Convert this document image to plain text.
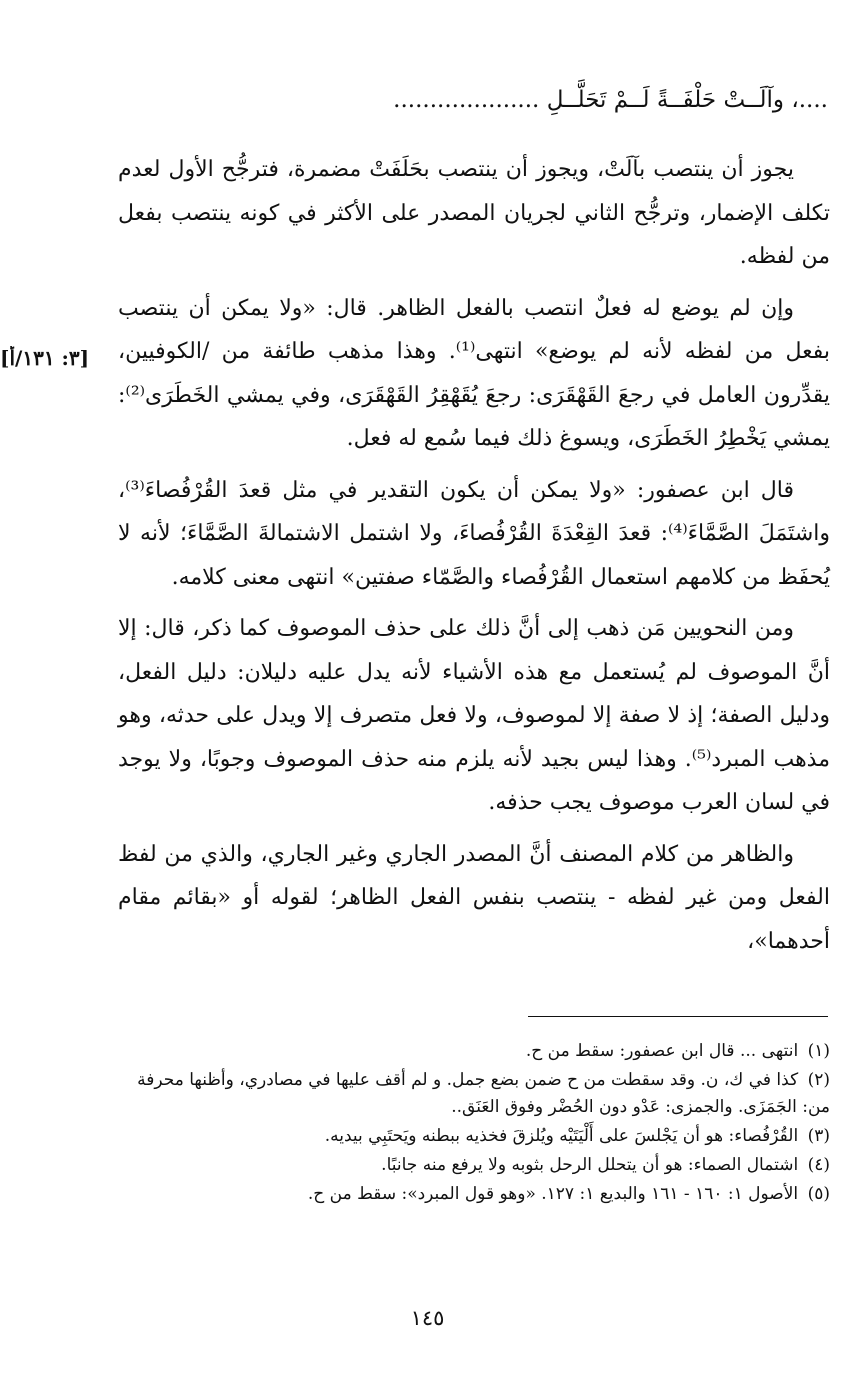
....، وآلَــتْ حَلْفَــةً لَــمْ تَحَلَّــلِ ....................
[٣: ١٣١/أ]

يجوز أن ينتصب بآلَتْ، ويجوز أن ينتصب بحَلَفَتْ مضمرة، فترجُّح الأول لعدم تكلف الإضمار، وترجُّح الثاني لجريان المصدر على الأكثر في كونه ينتصب بفعل من لفظه.

وإن لم يوضع له فعلٌ انتصب بالفعل الظاهر. قال: «ولا يمكن أن ينتصب بفعل من لفظه لأنه لم يوضع» انتهى⁽¹⁾. وهذا مذهب طائفة من /الكوفيين، يقدِّرون العامل في رجعَ القَهْقَرَى: رجعَ يُقَهْقِرُ القَهْقَرَى، وفي يمشي الخَطَرَى⁽²⁾: يمشي يَخْطِرُ الخَطَرَى، ويسوغ ذلك فيما سُمع له فعل.

قال ابن عصفور: «ولا يمكن أن يكون التقدير في مثل قعدَ القُرْفُصاءَ⁽³⁾، واشتَمَلَ الصَّمَّاءَ⁽⁴⁾: قعدَ القِعْدَةَ القُرْفُصاءَ، ولا اشتمل الاشتمالةَ الصَّمَّاءَ؛ لأنه لا يُحفَظ من كلامهم استعمال القُرْفُصاء والصَّمّاء صفتين» انتهى معنى كلامه.

ومن النحويين مَن ذهب إلى أنَّ ذلك على حذف الموصوف كما ذكر، قال: إلا أنَّ الموصوف لم يُستعمل مع هذه الأشياء لأنه يدل عليه دليلان: دليل الفعل، ودليل الصفة؛ إذ لا صفة إلا لموصوف، ولا فعل متصرف إلا ويدل على حدثه، وهو مذهب المبرد⁽⁵⁾. وهذا ليس بجيد لأنه يلزم منه حذف الموصوف وجوبًا، ولا يوجد في لسان العرب موصوف يجب حذفه.

والظاهر من كلام المصنف أنَّ المصدر الجاري وغير الجاري، والذي من لفظ الفعل ومن غير لفظه - ينتصب بنفس الفعل الظاهر؛ لقوله أو «بقائم مقام أحدهما»،

(١) انتهى ... قال ابن عصفور: سقط من ح.
(٢) كذا في ك، ن. وقد سقطت من ح ضمن بضع جمل. و لم أقف عليها في مصادري، وأظنها محرفة من: الجَمَزَى. والجمزى: عَدْو دون الحُضْر وفوق العَنَق..
(٣) القُرْفُصاء: هو أن يَجْلسَ على أَلْيَتَيْه ويُلزقَ فخذيه ببطنه ويَحتَبِي بيديه.
(٤) اشتمال الصماء: هو أن يتحلل الرحل بثوبه ولا يرفع منه جانبًا.
(٥) الأصول ١: ١٦٠ - ١٦١ والبديع ١: ١٢٧. «وهو قول المبرد»: سقط من ح.
١٤٥
